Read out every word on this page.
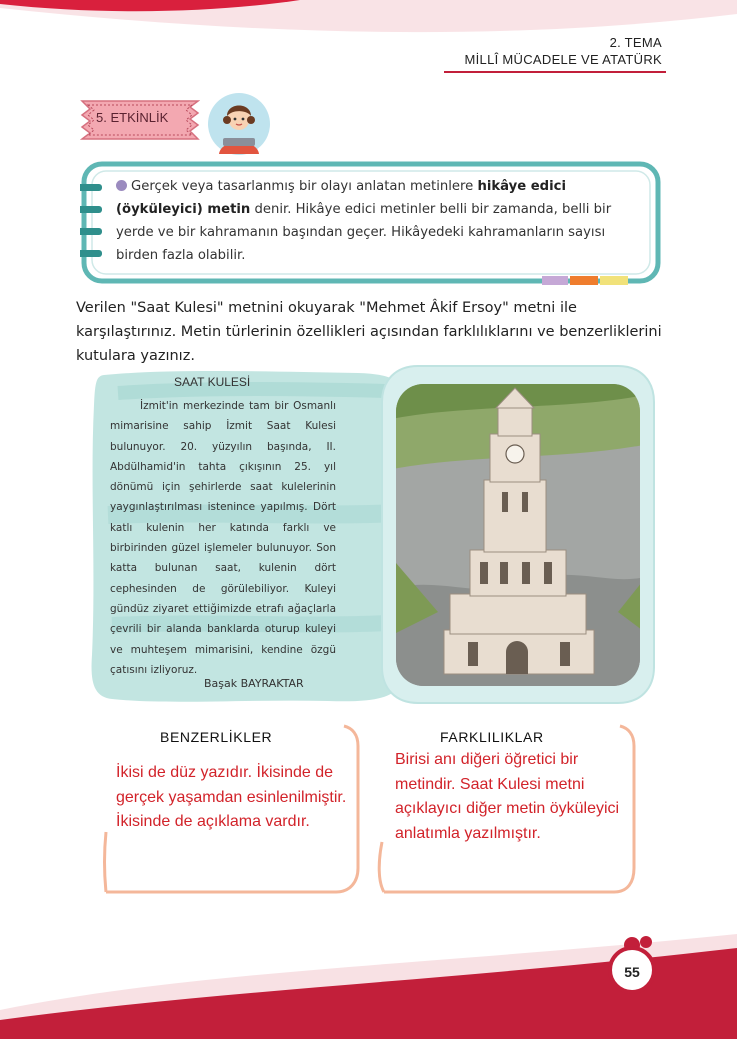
2. TEMA
MİLLÎ MÜCADELE VE ATATÜRK
5. ETKİNLİK
Gerçek veya tasarlanmış bir olayı anlatan metinlere hikâye edici (öyküleyici) metin denir. Hikâye edici metinler belli bir zamanda, belli bir yerde ve bir kahramanın başından geçer. Hikâyedeki kahramanların sayısı birden fazla olabilir.
Verilen "Saat Kulesi" metnini okuyarak "Mehmet Âkif Ersoy" metni ile karşılaştırınız. Metin türlerinin özellikleri açısından farklılıklarını ve benzerliklerini kutulara yazınız.
SAAT KULESİ
İzmit'in merkezinde tam bir Osmanlı mimarisine sahip İzmit Saat Kulesi bulunuyor. 20. yüzyılın başında, II. Abdülhamid'in tahta çıkışının 25. yıl dönümü için şehirlerde saat kulelerinin yaygınlaştırılması istenince yapılmış. Dört katlı kulenin her katında farklı ve birbirinden güzel işlemeler bulunuyor. Son katta bulunan saat, kulenin dört cephesinden de görülebiliyor. Kuleyi gündüz ziyaret ettiğimizde etrafı ağaçlarla çevrili bir alanda banklarda oturup kuleyi ve muhteşem mimarisini, kendine özgü çatısını izliyoruz.
Başak BAYRAKTAR
BENZERLİKLER	FARKLILIKLAR
İkisi de düz yazıdır. İkisinde de gerçek yaşamdan esinlenilmiştir. İkisinde de açıklama vardır.
Birisi anı diğeri öğretici bir metindir. Saat Kulesi metni açıklayıcı diğer metin öyküleyici anlatımla yazılmıştır.
55
